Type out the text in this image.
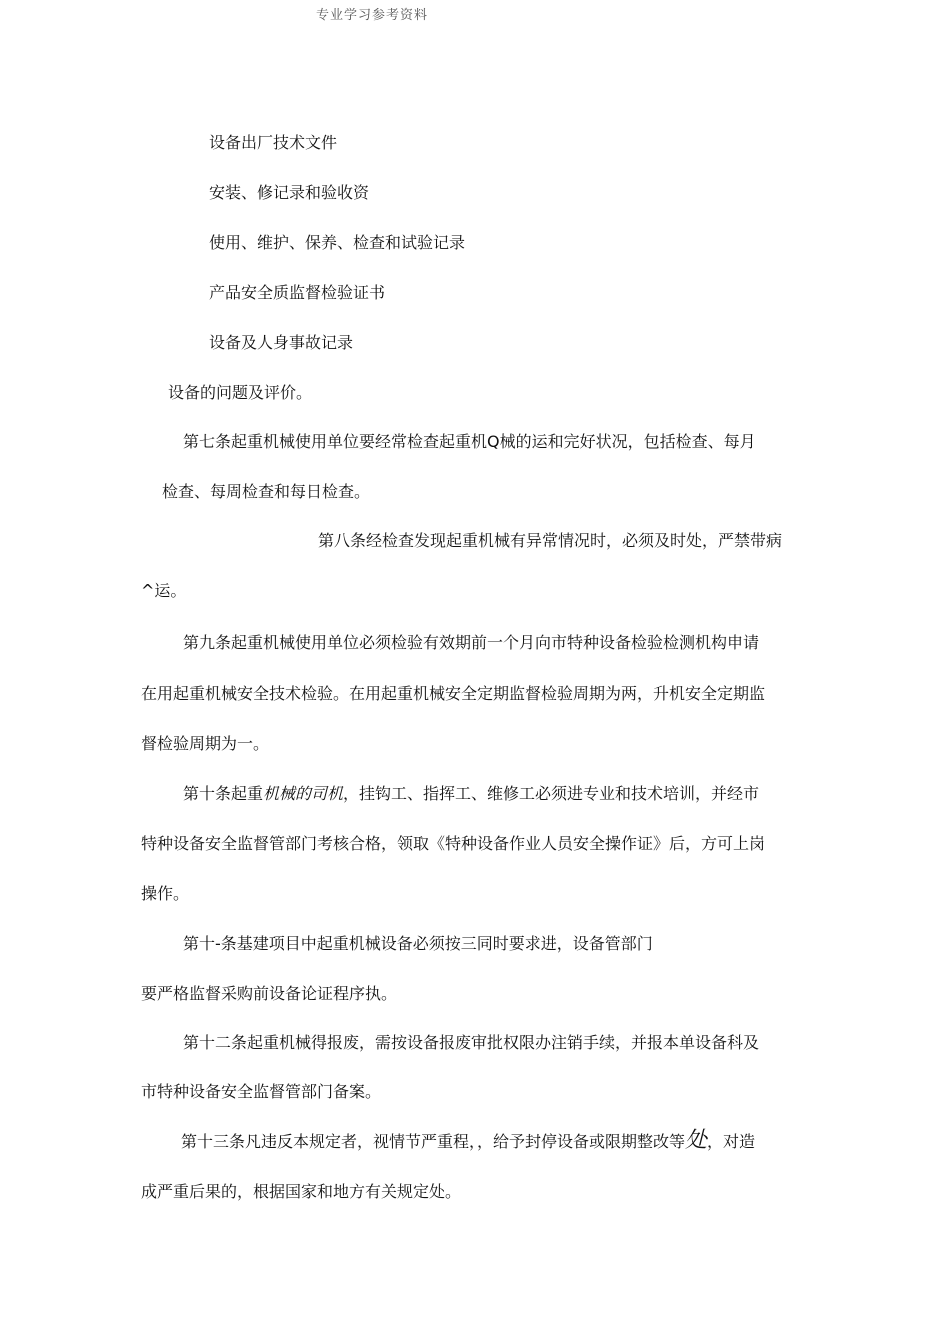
专业学习参考资料
设备出厂技术文件
安装、修记录和验收资
使用、维护、保养、检查和试验记录
产品安全质监督检验证书
设备及人身事故记录
设备的问题及评价。
第七条起重机械使用单位要经常检查起重机Q械的运和完好状况，包括检查、每月
检查、每周检查和每日检查。
第八条经检查发现起重机械有异常情况时，必须及时处，严禁带病
^运。
第九条起重机械使用单位必须检验有效期前一个月向市特种设备检验检测机构申请
在用起重机械安全技术检验。在用起重机械安全定期监督检验周期为两，升机安全定期监
督检验周期为一。
第十条起重机械的司机，挂钩工、指挥工、维修工必须进专业和技术培训，并经市
特种设备安全监督管部门考核合格，领取《特种设备作业人员安全操作证》后，方可上岗
操作。
第十-条基建项目中起重机械设备必须按三同时要求进，设备管部门
要严格监督采购前设备论证程序执。
第十二条起重机械得报废，需按设备报废审批权限办注销手续，并报本单设备科及
市特种设备安全监督管部门备案。
第十三条凡违反本规定者，视情节严重程，，给予封停设备或限期整改等处，对造
成严重后果的，根据国家和地方有关规定处。
